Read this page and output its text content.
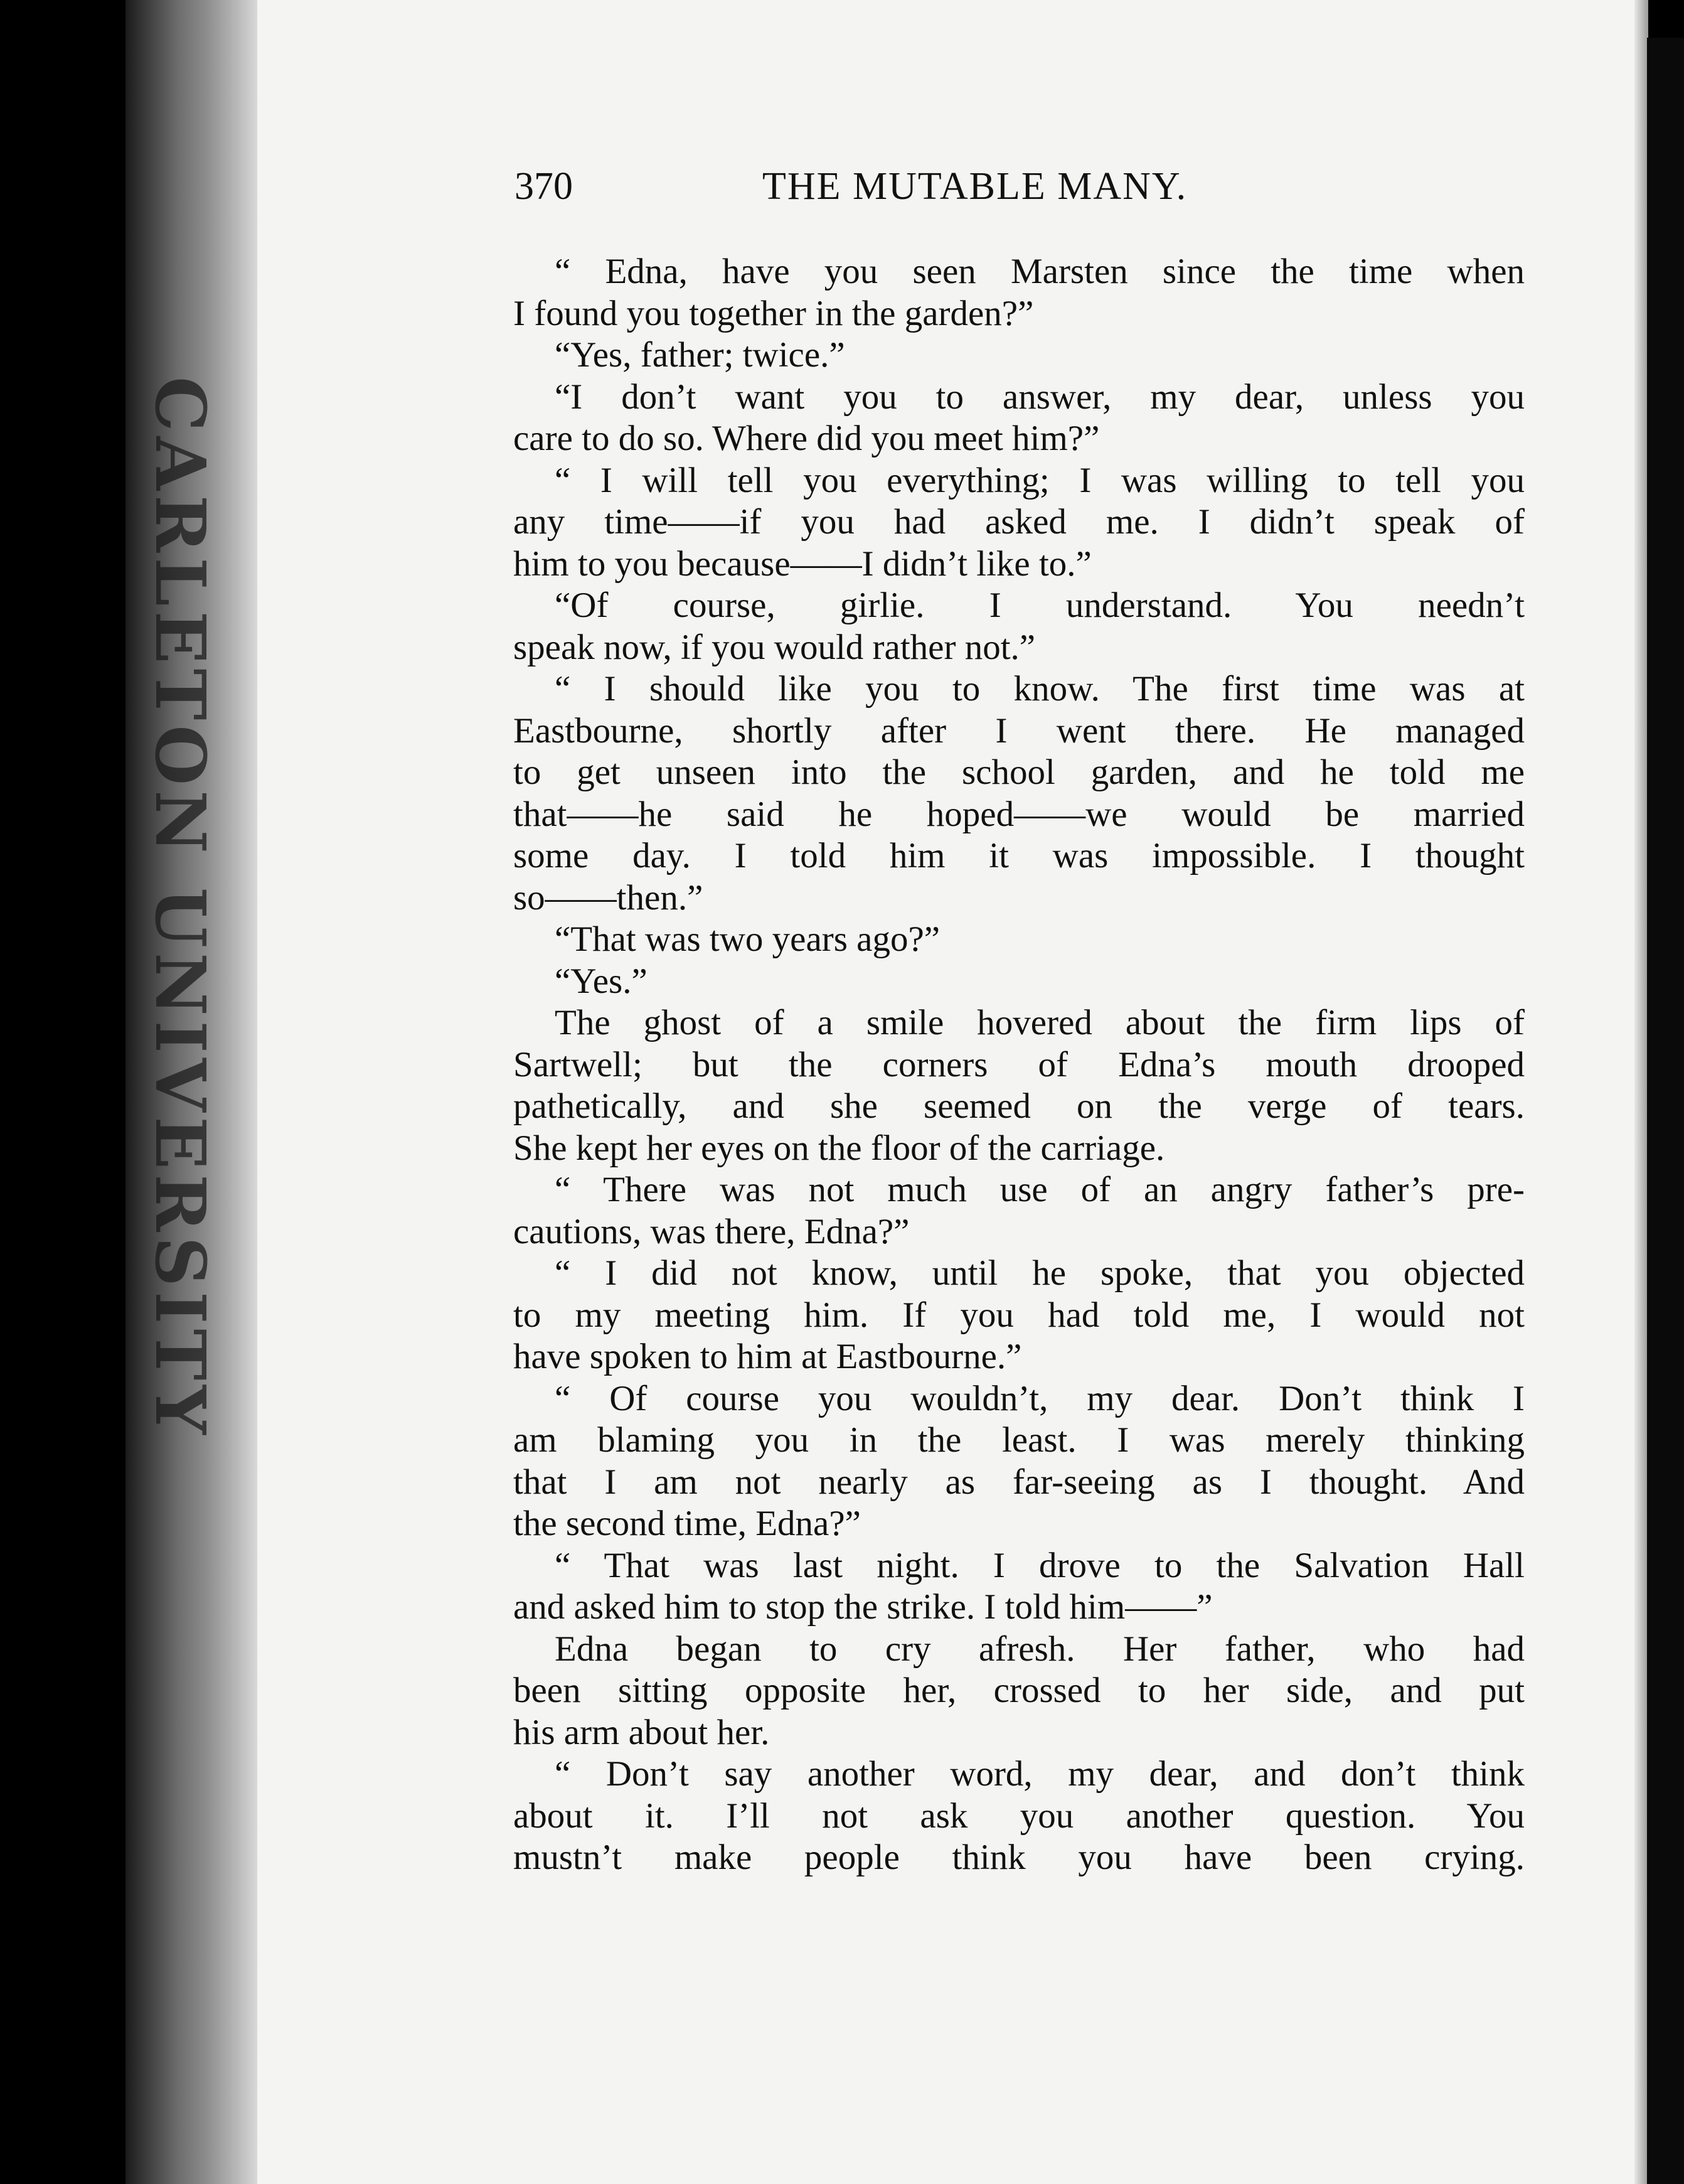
CARLETON UNIVERSITY
370	THE MUTABLE MANY.
“ Edna, have you seen Marsten since the time when
I found you together in the garden?”
“Yes, father; twice.”
“I don’t want you to answer, my dear, unless you
care to do so. Where did you meet him?”
“ I will tell you everything; I was willing to tell you
any time——if you had asked me. I didn’t speak of
him to you because——I didn’t like to.”
“Of course, girlie. I understand. You needn’t
speak now, if you would rather not.”
“ I should like you to know. The first time was at
Eastbourne, shortly after I went there. He managed
to get unseen into the school garden, and he told me
that——he said he hoped——we would be married
some day. I told him it was impossible. I thought
so——then.”
“That was two years ago?”
“Yes.”
The ghost of a smile hovered about the firm lips of
Sartwell; but the corners of Edna’s mouth drooped
pathetically, and she seemed on the verge of tears.
She kept her eyes on the floor of the carriage.
“ There was not much use of an angry father’s pre-
cautions, was there, Edna?”
“ I did not know, until he spoke, that you objected
to my meeting him. If you had told me, I would not
have spoken to him at Eastbourne.”
“ Of course you wouldn’t, my dear. Don’t think I
am blaming you in the least. I was merely thinking
that I am not nearly as far-seeing as I thought. And
the second time, Edna?”
“ That was last night. I drove to the Salvation Hall
and asked him to stop the strike. I told him——”
Edna began to cry afresh. Her father, who had
been sitting opposite her, crossed to her side, and put
his arm about her.
“ Don’t say another word, my dear, and don’t think
about it. I’ll not ask you another question. You
mustn’t make people think you have been crying.
